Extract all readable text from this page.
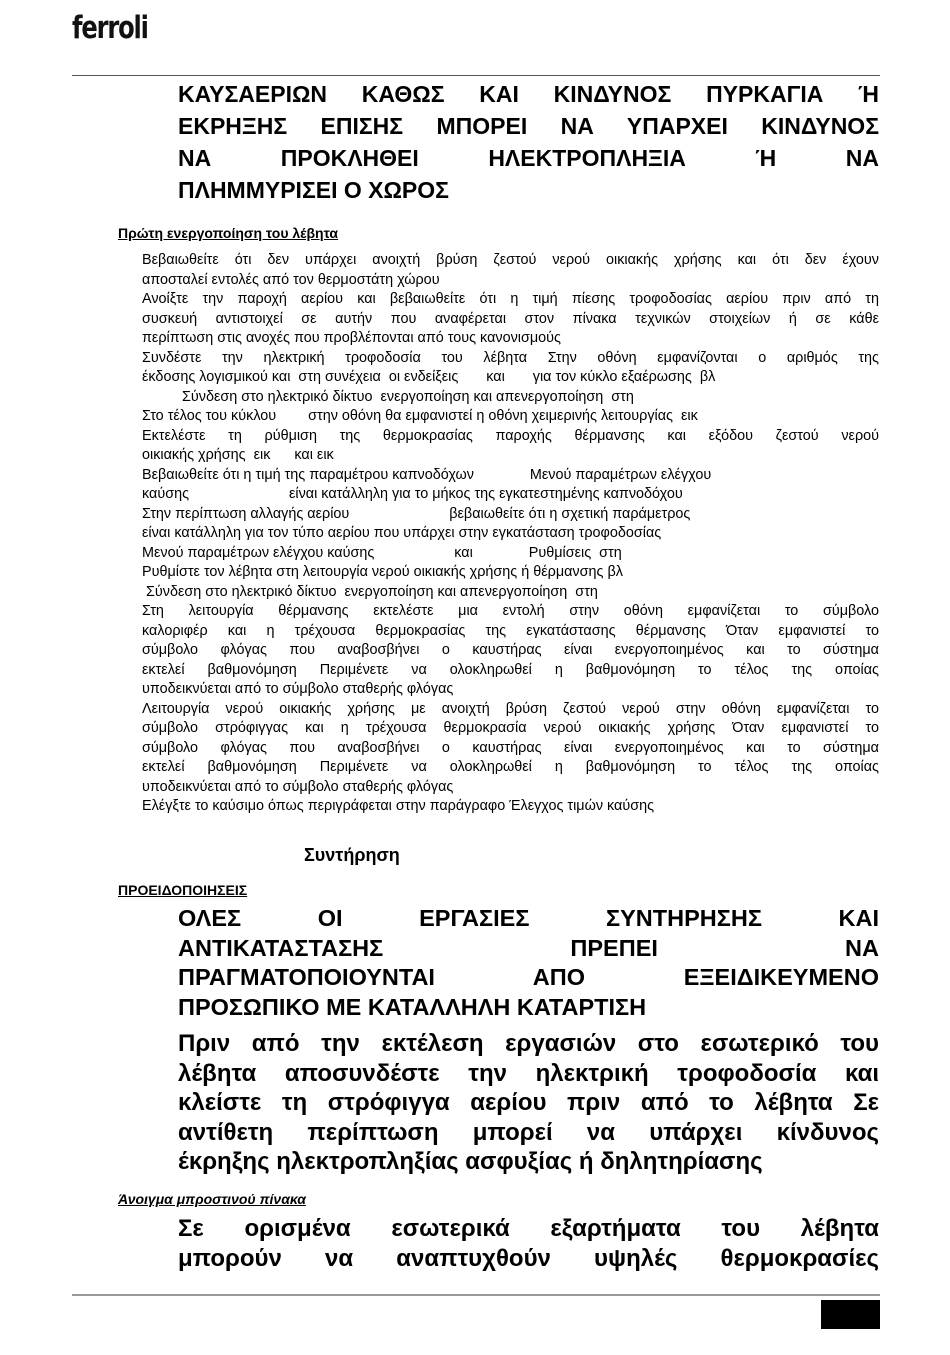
ferroli
ΚΑΥΣΑΕΡΙΩΝ ΚΑΘΩΣ ΚΑΙ ΚΙΝΔΥΝΟΣ ΠΥΡΚΑΓΙΑ Ή
ΕΚΡΗΞΗΣ ΕΠΙΣΗΣ ΜΠΟΡΕΙ ΝΑ ΥΠΑΡΧΕΙ ΚΙΝΔΥΝΟΣ
ΝΑ ΠΡΟΚΛΗΘΕΙ ΗΛΕΚΤΡΟΠΛΗΞΙΑ Ή ΝΑ
ΠΛΗΜΜΥΡΙΣΕΙ Ο ΧΩΡΟΣ
Πρώτη ενεργοποίηση του λέβητα
Βεβαιωθείτε ότι δεν υπάρχει ανοιχτή βρύση ζεστού νερού οικιακής χρήσης και ότι δεν έχουν
αποσταλεί εντολές από τον θερμοστάτη χώρου
Ανοίξτε την παροχή αερίου και βεβαιωθείτε ότι η τιμή πίεσης τροφοδοσίας αερίου πριν από τη
συσκευή αντιστοιχεί σε αυτήν που αναφέρεται στον πίνακα τεχνικών στοιχείων ή σε κάθε
περίπτωση στις ανοχές που προβλέπονται από τους κανονισμούς
Συνδέστε την ηλεκτρική τροφοδοσία του λέβητα Στην οθόνη εμφανίζονται ο αριθμός της
έκδοσης λογισμικού και  στη συνέχεια  οι ενδείξεις       και       για τον κύκλο εξαέρωσης  βλ
Σύνδεση στο ηλεκτρικό δίκτυο  ενεργοποίηση και απενεργοποίηση  στη
Στο τέλος του κύκλου        στην οθόνη θα εμφανιστεί η οθόνη χειμερινής λειτουργίας  εικ
Εκτελέστε τη ρύθμιση της θερμοκρασίας παροχής θέρμανσης και εξόδου ζεστού νερού
οικιακής χρήσης  εικ      και εικ
Βεβαιωθείτε ότι η τιμή της παραμέτρου καπνοδόχων              Μενού παραμέτρων ελέγχου
καύσης                         είναι κατάλληλη για το μήκος της εγκατεστημένης καπνοδόχου
Στην περίπτωση αλλαγής αερίου                         βεβαιωθείτε ότι η σχετική παράμετρος
είναι κατάλληλη για τον τύπο αερίου που υπάρχει στην εγκατάσταση τροφοδοσίας
Μενού παραμέτρων ελέγχου καύσης                    και              Ρυθμίσεις  στη
Ρυθμίστε τον λέβητα στη λειτουργία νερού οικιακής χρήσης ή θέρμανσης βλ
Σύνδεση στο ηλεκτρικό δίκτυο  ενεργοποίηση και απενεργοποίηση  στη
Στη λειτουργία θέρμανσης εκτελέστε μια εντολή στην οθόνη εμφανίζεται το σύμβολο
καλοριφέρ και η τρέχουσα θερμοκρασίας της εγκατάστασης θέρμανσης Όταν εμφανιστεί το
σύμβολο φλόγας που αναβοσβήνει ο καυστήρας είναι ενεργοποιημένος και το σύστημα
εκτελεί βαθμονόμηση Περιμένετε να ολοκληρωθεί η βαθμονόμηση το τέλος της οποίας
υποδεικνύεται από το σύμβολο σταθερής φλόγας
Λειτουργία νερού οικιακής χρήσης με ανοιχτή βρύση ζεστού νερού στην οθόνη εμφανίζεται το
σύμβολο στρόφιγγας και η τρέχουσα θερμοκρασία νερού οικιακής χρήσης Όταν εμφανιστεί το
σύμβολο φλόγας που αναβοσβήνει ο καυστήρας είναι ενεργοποιημένος και το σύστημα
εκτελεί βαθμονόμηση Περιμένετε να ολοκληρωθεί η βαθμονόμηση το τέλος της οποίας
υποδεικνύεται από το σύμβολο σταθερής φλόγας
Ελέγξτε το καύσιμο όπως περιγράφεται στην παράγραφο Έλεγχος τιμών καύσης
Συντήρηση
ΠΡΟΕΙΔΟΠΟΙΗΣΕΙΣ
ΟΛΕΣ ΟΙ ΕΡΓΑΣΙΕΣ ΣΥΝΤΗΡΗΣΗΣ ΚΑΙ
ΑΝΤΙΚΑΤΑΣΤΑΣΗΣ ΠΡΕΠΕΙ ΝΑ
ΠΡΑΓΜΑΤΟΠΟΙΟΥΝΤΑΙ ΑΠΟ ΕΞΕΙΔΙΚΕΥΜΕΝΟ
ΠΡΟΣΩΠΙΚΟ ΜΕ ΚΑΤΑΛΛΗΛΗ ΚΑΤΑΡΤΙΣΗ
Πριν από την εκτέλεση εργασιών στο εσωτερικό του
λέβητα αποσυνδέστε την ηλεκτρική τροφοδοσία και
κλείστε τη στρόφιγγα αερίου πριν από το λέβητα Σε
αντίθετη περίπτωση μπορεί να υπάρχει κίνδυνος
έκρηξης ηλεκτροπληξίας ασφυξίας ή δηλητηρίασης
Άνοιγμα μπροστινού πίνακα
Σε ορισμένα εσωτερικά εξαρτήματα του λέβητα
μπορούν να αναπτυχθούν υψηλές θερμοκρασίες
